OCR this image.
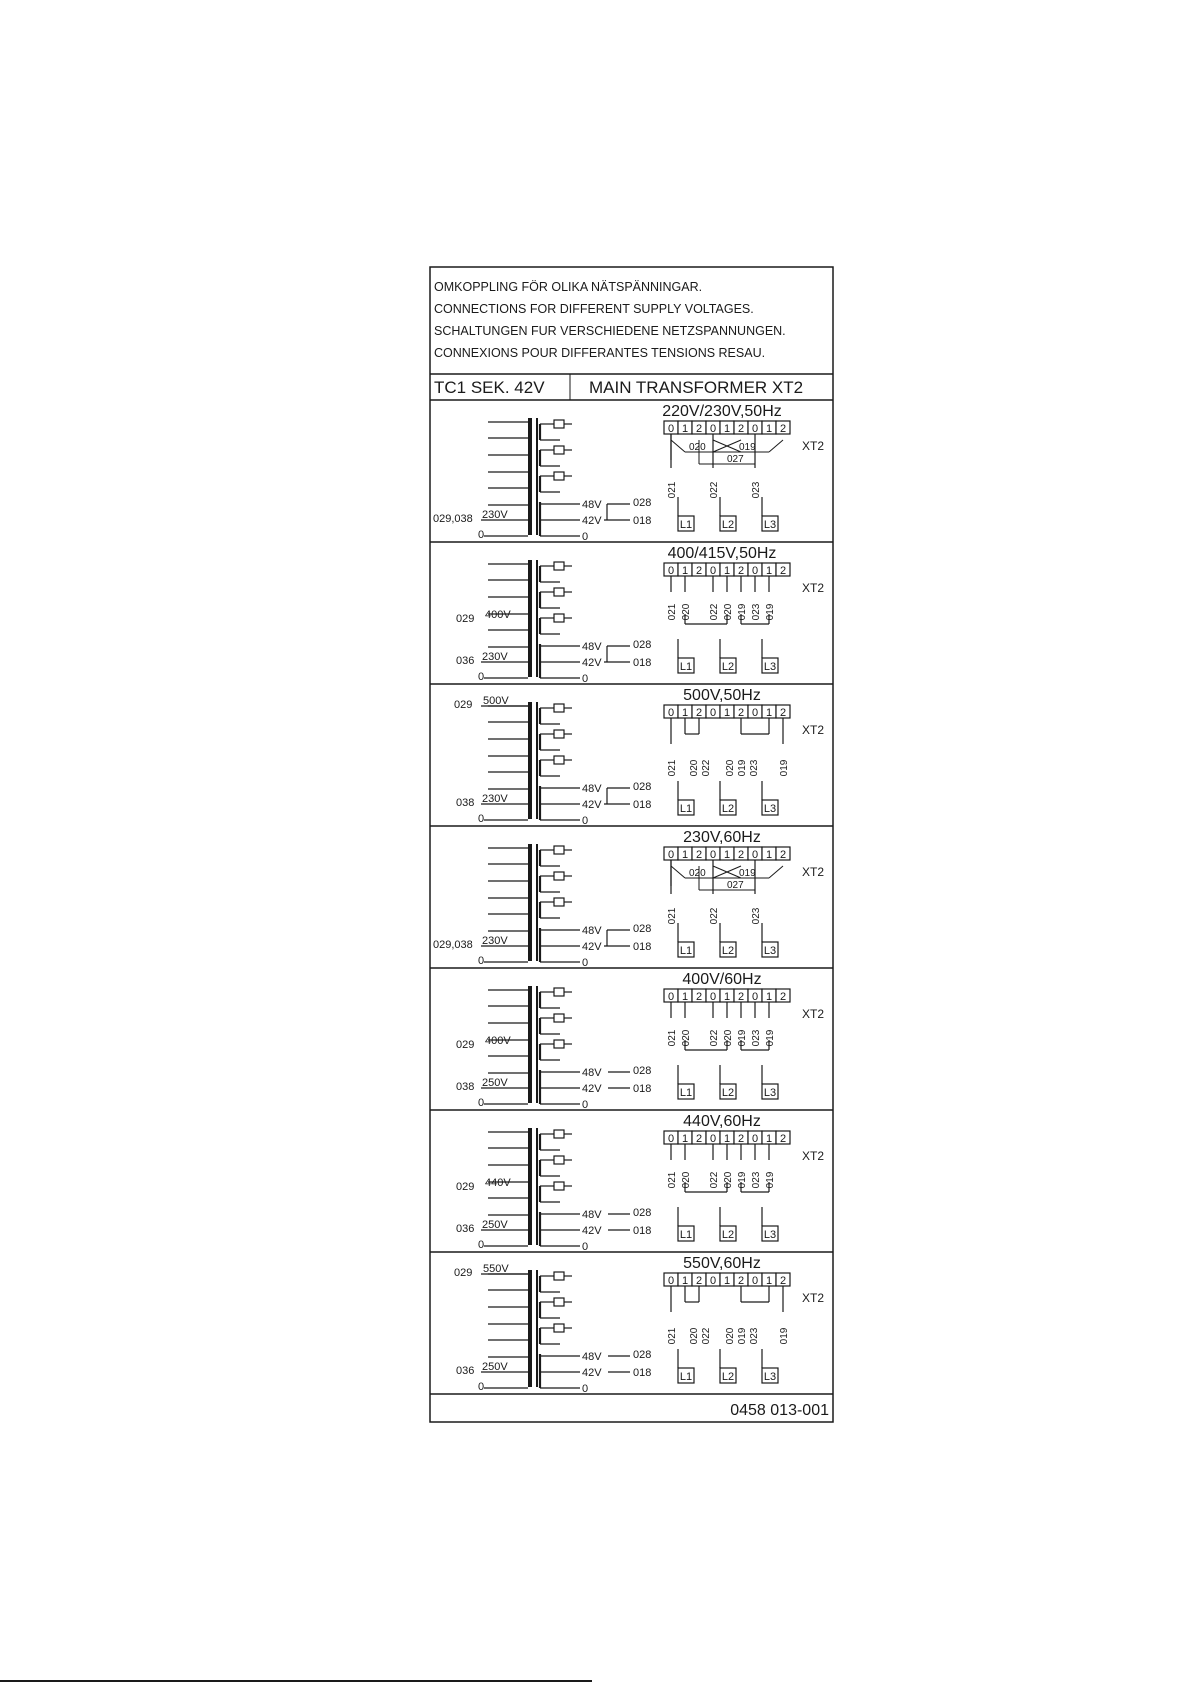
OMKOPPLING FÖR OLIKA NÄTSPÄNNINGAR.
CONNECTIONS FOR DIFFERENT SUPPLY VOLTAGES.
SCHALTUNGEN FUR VERSCHIEDENE NETZSPANNUNGEN.
CONNEXIONS POUR DIFFERANTES TENSIONS RESAU.
TC1 SEK. 42V	MAIN TRANSFORMER XT2
48V
42V
0
028
018
029,038 230V
0
220V/230V,50Hz
0 1 2 0 1 2 0 1 2
XT2
020	019
027
021	022	023
L1	L2	L3
48V
42V
0
028
018
029 400V
036 230V
0
400/415V,50Hz
0 1 2 0 1 2 0 1 2
XT2
021 020 022 020 019 023 019
L1	L2	L3
48V
42V
0
028
018
029 500V
038 230V
0
500V,50Hz
0 1 2 0 1 2 0 1 2
XT2
021 020 022 020 019 023 019
L1	L2	L3
48V
42V
0
028
018
029,038 230V
0
230V,60Hz
0 1 2 0 1 2 0 1 2
XT2
020	019
027
021	022	023
L1	L2	L3
48V
42V
0
028
018
029 400V
038 250V
0
400V/60Hz
0 1 2 0 1 2 0 1 2
XT2
021 020 022 020 019 023 019
L1	L2	L3
48V
42V
0
028
018
029 440V
036 250V
0
440V,60Hz
0 1 2 0 1 2 0 1 2
XT2
021 020 022 020 019 023 019
L1	L2	L3
48V
42V
0
028
018
029 550V
036 250V
0
550V,60Hz
0 1 2 0 1 2 0 1 2
XT2
021 020 022 020 019 023 019
L1	L2	L3
0458 013-001
